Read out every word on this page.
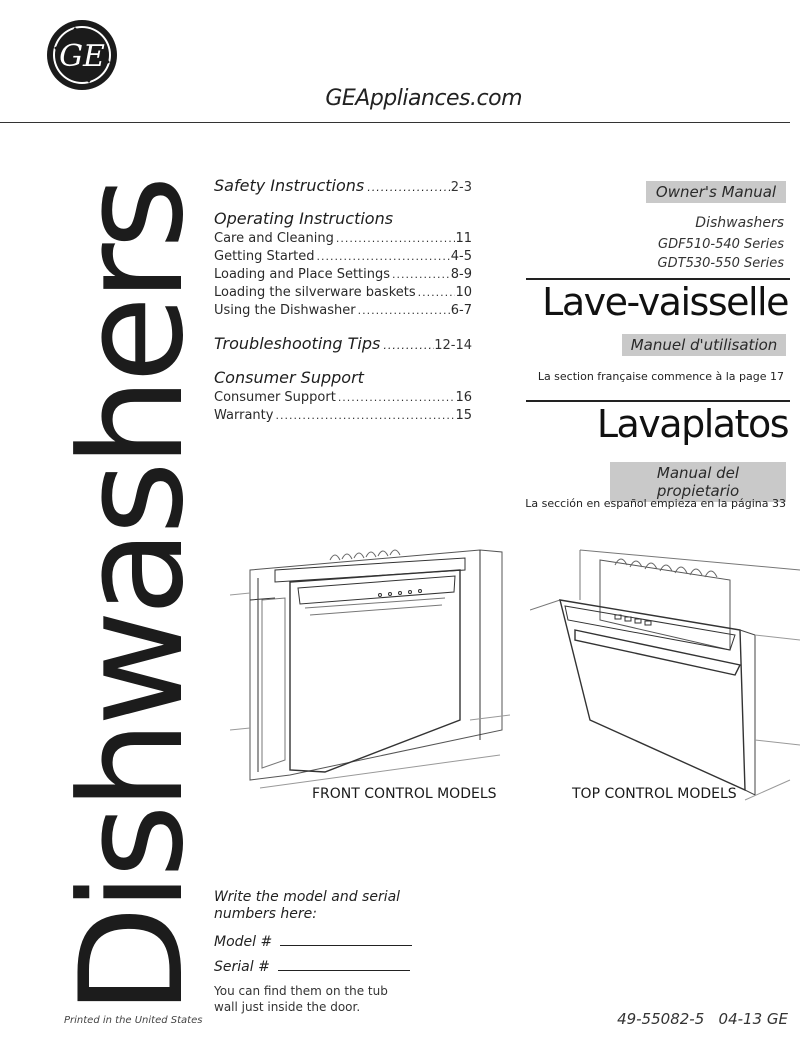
GE
GEAppliances.com
Dishwashers Safety Instructions .....	2-3
Operating Instructions
Care and Cleaning .....	11
Getting Started .....	4-5
Loading and Place Settings .....	8-9
Loading the silverware baskets .....	10
Using the Dishwasher .....	6-7
Troubleshooting Tips .....	12-14
Consumer Support
Consumer Support .....	16
Warranty .....	15
Owner's Manual
Dishwashers
GDF510-540 Series
GDT530-550 Series
Lave-vaisselle
Manuel d'utilisation
La section française commence à la page 17
Lavaplatos
Manual del propietario
La sección en español empieza en la página 33
FRONT CONTROL MODELS	TOP CONTROL MODELS
Write the model and serial numbers here:
Model #
Serial #
You can find them on the tub wall just inside the door.
Printed in the United States	49-55082-5   04-13 GE
